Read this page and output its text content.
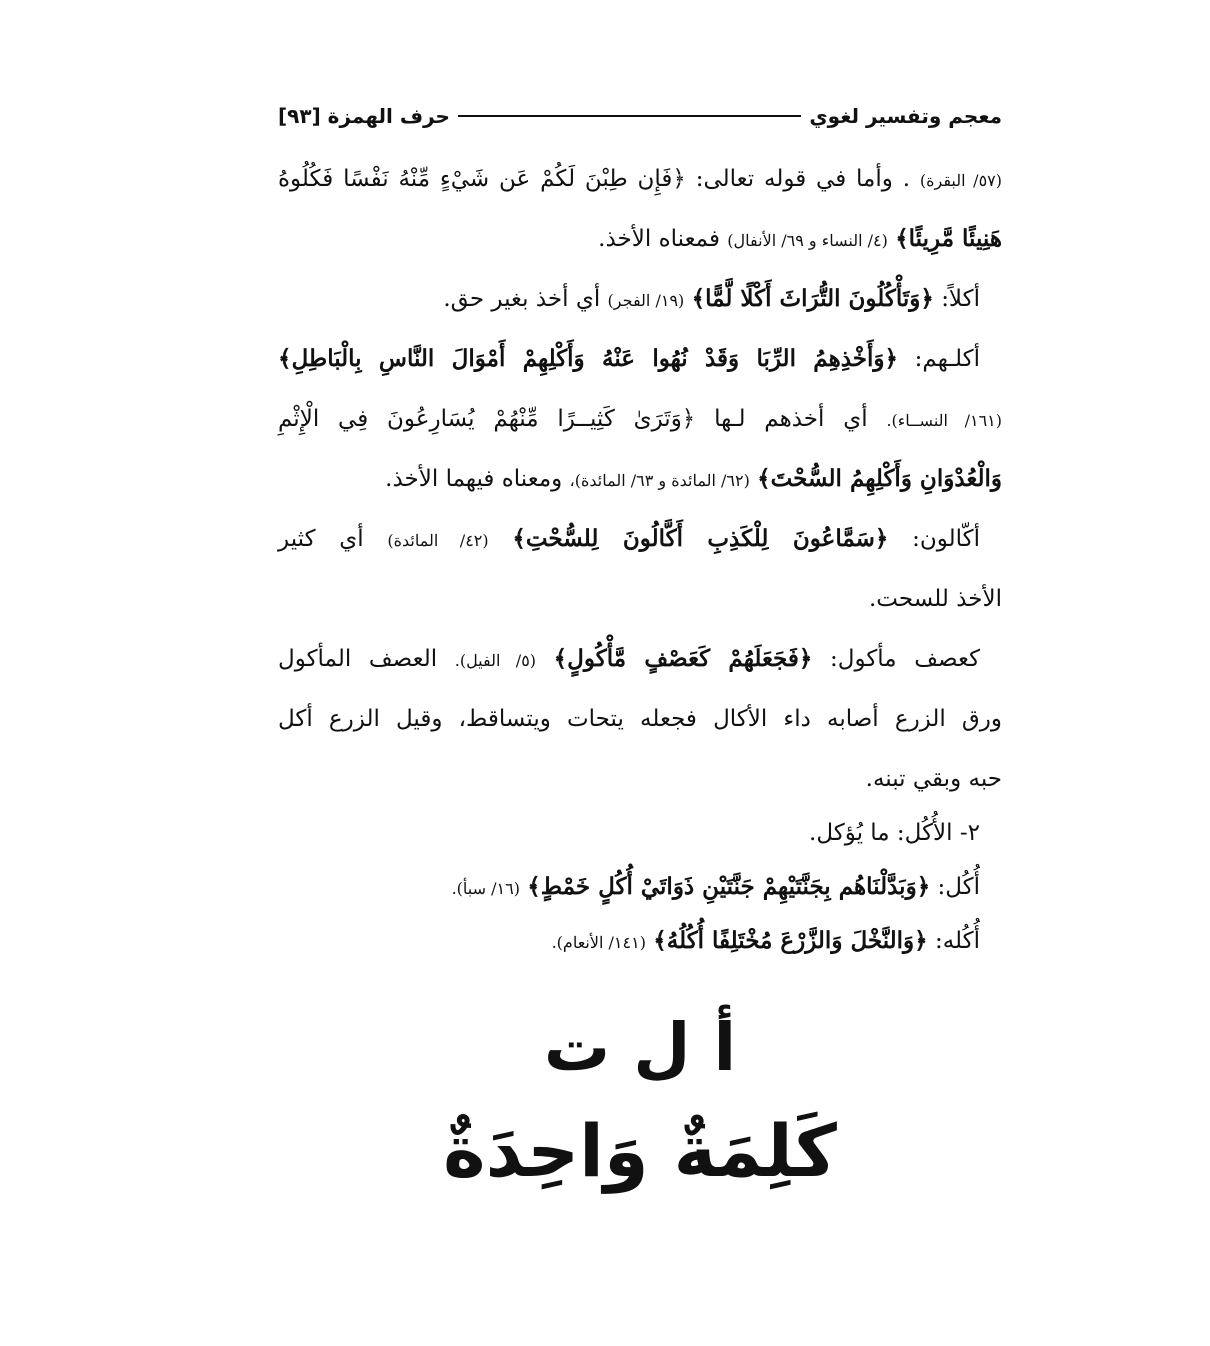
معجم وتفسير لغوي
حرف الهمزة [٩٣]
(٥٧/ البقرة) . وأما في قوله تعالى: ﴿فَإِن طِبْنَ لَكُمْ عَن شَيْءٍ مِّنْهُ نَفْسًا فَكُلُوهُ
هَنِيئًا مَّرِيئًا﴾ (٤/ النساء و ٦٩/ الأنفال) فمعناه الأخذ.
أكلاً: ﴿وَتَأْكُلُونَ التُّرَاثَ أَكْلًا لَّمًّا﴾ (١٩/ الفجر) أي أخذ بغير حق.
أكلـهم: ﴿وَأَخْذِهِمُ الرِّبَا وَقَدْ نُهُوا عَنْهُ وَأَكْلِهِمْ أَمْوَالَ النَّاسِ بِالْبَاطِلِ﴾
(١٦١/ النســاء). أي أخذهم لـها ﴿وَتَرَىٰ كَثِيــرًا مِّنْهُمْ يُسَارِعُونَ فِي الْإِثْمِ
وَالْعُدْوَانِ وَأَكْلِهِمُ السُّحْتَ﴾ (٦٢/ المائدة و ٦٣/ المائدة)، ومعناه فيهما الأخذ.
أكّالون: ﴿سَمَّاعُونَ لِلْكَذِبِ أَكَّالُونَ لِلسُّحْتِ﴾ (٤٢/ المائدة) أي كثير
الأخذ للسحت.
كعصف مأكول: ﴿فَجَعَلَهُمْ كَعَصْفٍ مَّأْكُولٍ﴾ (٥/ الفيل). العصف المأكول
ورق الزرع أصابه داء الأكال فجعله يتحات ويتساقط، وقيل الزرع أكل
حبه وبقي تبنه.
٢- الأُكُل: ما يُؤكل.
أُكُل: ﴿وَبَدَّلْنَاهُم بِجَنَّتَيْهِمْ جَنَّتَيْنِ ذَوَاتَيْ أُكُلٍ خَمْطٍ﴾ (١٦/ سبأ).
أُكُله: ﴿وَالنَّخْلَ وَالزَّرْعَ مُخْتَلِفًا أُكُلُهُ﴾ (١٤١/ الأنعام).
أ ل ت
كَلِمَةٌ وَاحِدَةٌ
